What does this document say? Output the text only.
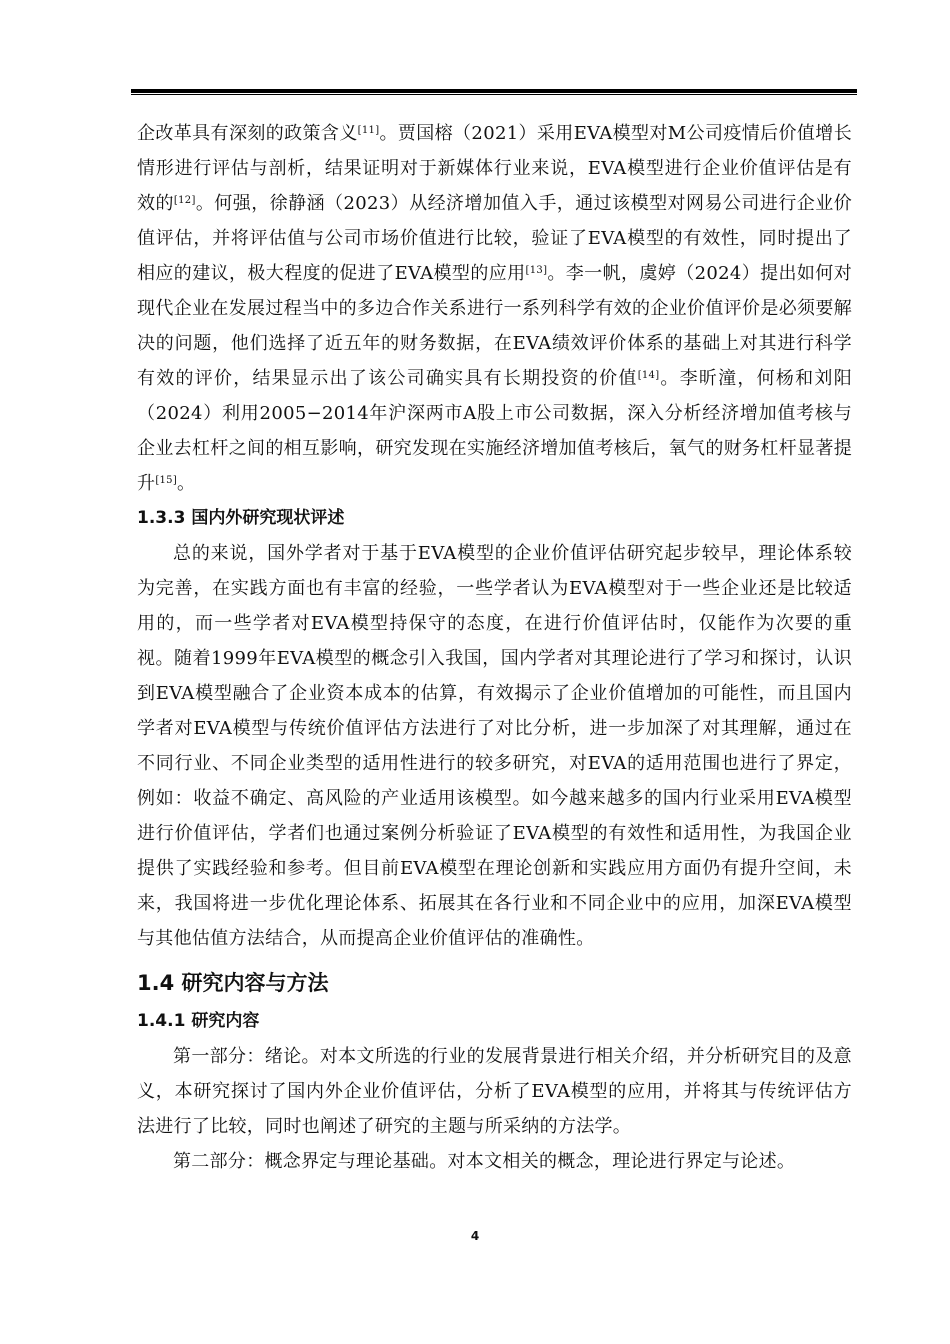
企改革具有深刻的政策含义[11]。贾国榕（2021）采用EVA模型对M公司疫情后价值增长情形进行评估与剖析，结果证明对于新媒体行业来说，EVA模型进行企业价值评估是有效的[12]。何强，徐静涵（2023）从经济增加值入手，通过该模型对网易公司进行企业价值评估，并将评估值与公司市场价值进行比较，验证了EVA模型的有效性，同时提出了相应的建议，极大程度的促进了EVA模型的应用[13]。李一帆，虞婷（2024）提出如何对现代企业在发展过程当中的多边合作关系进行一系列科学有效的企业价值评价是必须要解决的问题，他们选择了近五年的财务数据，在EVA绩效评价体系的基础上对其进行科学有效的评价，结果显示出了该公司确实具有长期投资的价值[14]。李昕潼，何杨和刘阳（2024）利用2005−2014年沪深两市A股上市公司数据，深入分析经济增加值考核与企业去杠杆之间的相互影响，研究发现在实施经济增加值考核后，氧气的财务杠杆显著提升[15]。

1.3.3 国内外研究现状评述

总的来说，国外学者对于基于EVA模型的企业价值评估研究起步较早，理论体系较为完善，在实践方面也有丰富的经验，一些学者认为EVA模型对于一些企业还是比较适用的，而一些学者对EVA模型持保守的态度，在进行价值评估时，仅能作为次要的重视。随着1999年EVA模型的概念引入我国，国内学者对其理论进行了学习和探讨，认识到EVA模型融合了企业资本成本的估算，有效揭示了企业价值增加的可能性，而且国内学者对EVA模型与传统价值评估方法进行了对比分析，进一步加深了对其理解，通过在不同行业、不同企业类型的适用性进行的较多研究，对EVA的适用范围也进行了界定，例如：收益不确定、高风险的产业适用该模型。如今越来越多的国内行业采用EVA模型进行价值评估，学者们也通过案例分析验证了EVA模型的有效性和适用性，为我国企业提供了实践经验和参考。但目前EVA模型在理论创新和实践应用方面仍有提升空间，未来，我国将进一步优化理论体系、拓展其在各行业和不同企业中的应用，加深EVA模型与其他估值方法结合，从而提高企业价值评估的准确性。

1.4 研究内容与方法
1.4.1 研究内容

第一部分：绪论。对本文所选的行业的发展背景进行相关介绍，并分析研究目的及意义，本研究探讨了国内外企业价值评估，分析了EVA模型的应用，并将其与传统评估方法进行了比较，同时也阐述了研究的主题与所采纳的方法学。

第二部分：概念界定与理论基础。对本文相关的概念，理论进行界定与论述。

4
